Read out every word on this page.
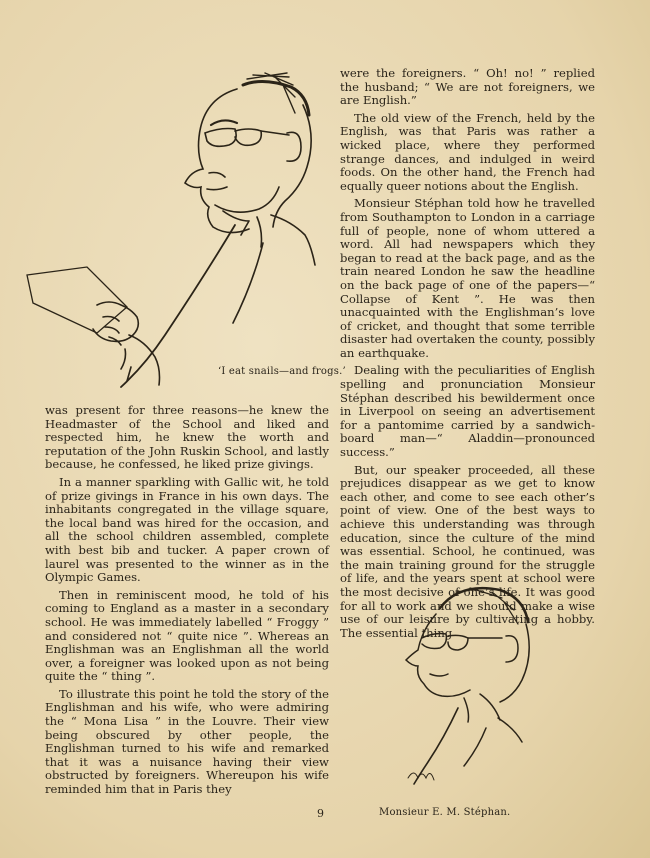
‘I eat snails—and frogs.’

was present for three reasons—he knew the Headmaster of the School and liked and respected him, he knew the worth and reputation of the John Ruskin School, and lastly because, he confessed, he liked prize givings.

In a manner sparkling with Gallic wit, he told of prize givings in France in his own days. The inhabitants congregated in the village square, the local band was hired for the occasion, and all the school children assembled, complete with best bib and tucker. A paper crown of laurel was presented to the winner as in the Olympic Games.

Then in reminiscent mood, he told of his coming to England as a master in a secondary school. He was immediately labelled “ Froggy ” and considered not “ quite nice ”. Whereas an Englishman was an Englishman all the world over, a foreigner was looked upon as not being quite the “ thing ”.

To illustrate this point he told the story of the Englishman and his wife, who were admiring the “ Mona Lisa ” in the Louvre. Their view being obscured by other people, the Englishman turned to his wife and remarked that it was a nuisance having their view obstructed by foreigners. Whereupon his wife reminded him that in Paris they

were the foreigners. “ Oh! no! ” replied the husband; “ We are not foreigners, we are English.”

The old view of the French, held by the English, was that Paris was rather a wicked place, where they performed strange dances, and indulged in weird foods. On the other hand, the French had equally queer notions about the English.

Monsieur Stéphan told how he travelled from Southampton to London in a carriage full of people, none of whom uttered a word. All had newspapers which they began to read at the back page, and as the train neared London he saw the headline on the back page of one of the papers—“ Collapse of Kent ”. He was then unacquainted with the Englishman’s love of cricket, and thought that some terrible disaster had overtaken the county, possibly an earthquake.

Dealing with the peculiarities of English spelling and pronunciation Monsieur Stéphan described his bewilderment once in Liverpool on seeing an advertisement for a pantomime carried by a sandwich-board man—“ Aladdin—pronounced success.”

But, our speaker proceeded, all these prejudices disappear as we get to know each other, and come to see each other’s point of view. One of the best ways to achieve this understanding was through education, since the culture of the mind was essential. School, he continued, was the main training ground for the struggle of life, and the years spent at school were the most decisive of one’s life. It was good for all to work and we should make a wise use of our leisure by cultivating a hobby. The essential thing

9	Monsieur E. M. Stéphan.
